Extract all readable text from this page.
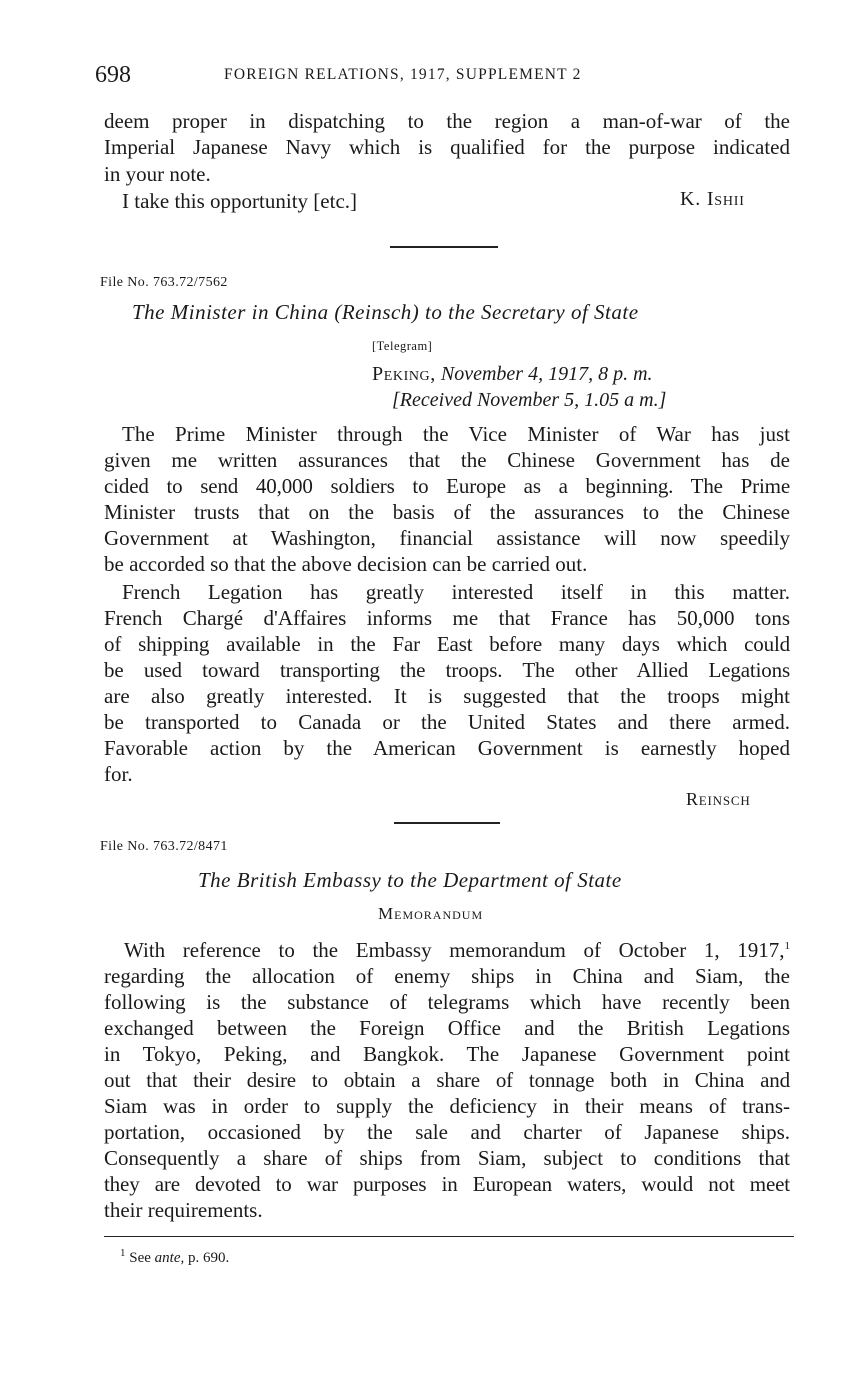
698	FOREIGN RELATIONS, 1917, SUPPLEMENT 2
deem proper in dispatching to the region a man-of-war of the
Imperial Japanese Navy which is qualified for the purpose indicated
in your note.
I take this opportunity [etc.]	K. Ishii
File No. 763.72/7562
The Minister in China (Reinsch) to the Secretary of State
[Telegram]
Peking, November 4, 1917, 8 p. m.
[Received November 5, 1.05 a m.]
The Prime Minister through the Vice Minister of War has just
given me written assurances that the Chinese Government has de
cided to send 40,000 soldiers to Europe as a beginning. The Prime
Minister trusts that on the basis of the assurances to the Chinese
Government at Washington, financial assistance will now speedily
be accorded so that the above decision can be carried out.
French Legation has greatly interested itself in this matter.
French Chargé d'Affaires informs me that France has 50,000 tons
of shipping available in the Far East before many days which could
be used toward transporting the troops. The other Allied Legations
are also greatly interested. It is suggested that the troops might
be transported to Canada or the United States and there armed.
Favorable action by the American Government is earnestly hoped
for.
Reinsch
File No. 763.72/8471
The British Embassy to the Department of State
Memorandum
With reference to the Embassy memorandum of October 1, 1917,$^1$
regarding the allocation of enemy ships in China and Siam, the
following is the substance of telegrams which have recently been
exchanged between the Foreign Office and the British Legations
in Tokyo, Peking, and Bangkok. The Japanese Government point
out that their desire to obtain a share of tonnage both in China and
Siam was in order to supply the deficiency in their means of trans-
portation, occasioned by the sale and charter of Japanese ships.
Consequently a share of ships from Siam, subject to conditions that
they are devoted to war purposes in European waters, would not meet
their requirements.
$^1$ See ante, p. 690.
